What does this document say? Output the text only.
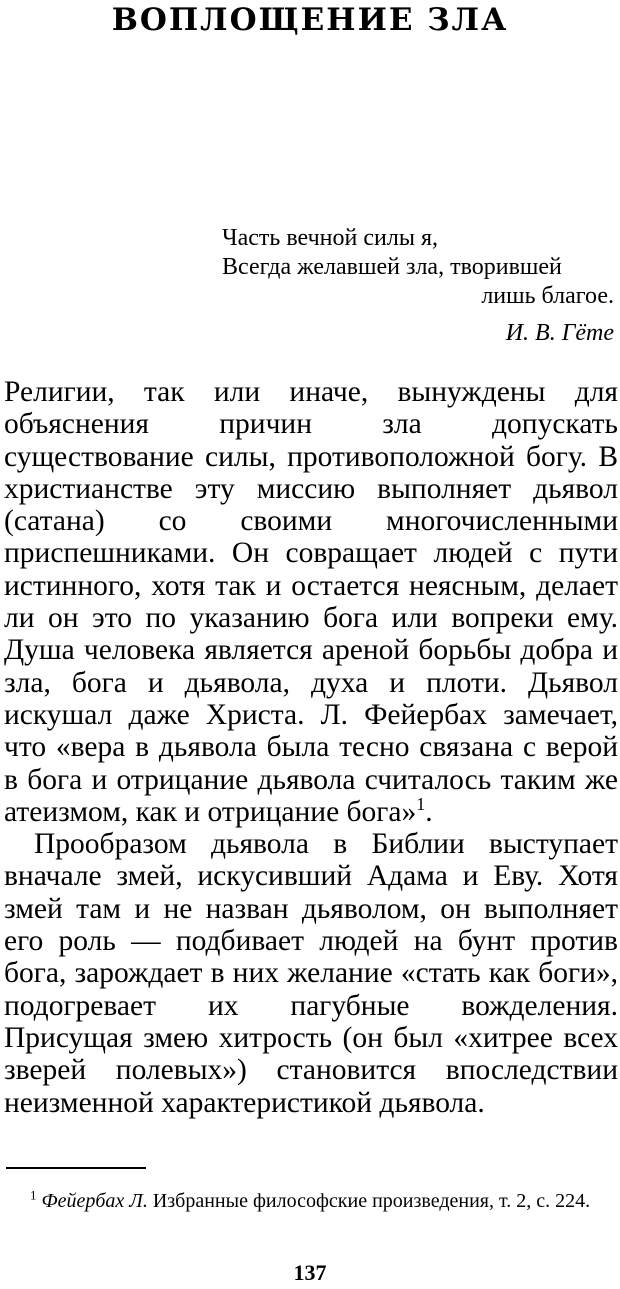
ВОПЛОЩЕНИЕ ЗЛА
Часть вечной силы я,
Всегда желавшей зла, творившей
лишь благое.
И. В. Гёте

Религии, так или иначе, вынуждены для объяснения причин зла допускать существование силы, противоположной богу. В христианстве эту миссию выполняет дьявол (сатана) со своими многочисленными приспешниками. Он совращает людей с пути истинного, хотя так и остается неясным, делает ли он это по указанию бога или вопреки ему. Душа человека является ареной борьбы добра и зла, бога и дьявола, духа и плоти. Дьявол искушал даже Христа. Л. Фейербах замечает, что «вера в дьявола была тесно связана с верой в бога и отрицание дьявола считалось таким же атеизмом, как и отрицание бога»$^1$.

Прообразом дьявола в Библии выступает вначале змей, искусивший Адама и Еву. Хотя змей там и не назван дьяволом, он выполняет его роль — подбивает людей на бунт против бога, зарождает в них желание «стать как боги», подогревает их пагубные вожделения. Присущая змею хитрость (он был «хитрее всех зверей полевых») становится впоследствии неизменной характеристикой дьявола.

$^1$ Фейербах Л. Избранные философские произведения, т. 2, с. 224.
137
